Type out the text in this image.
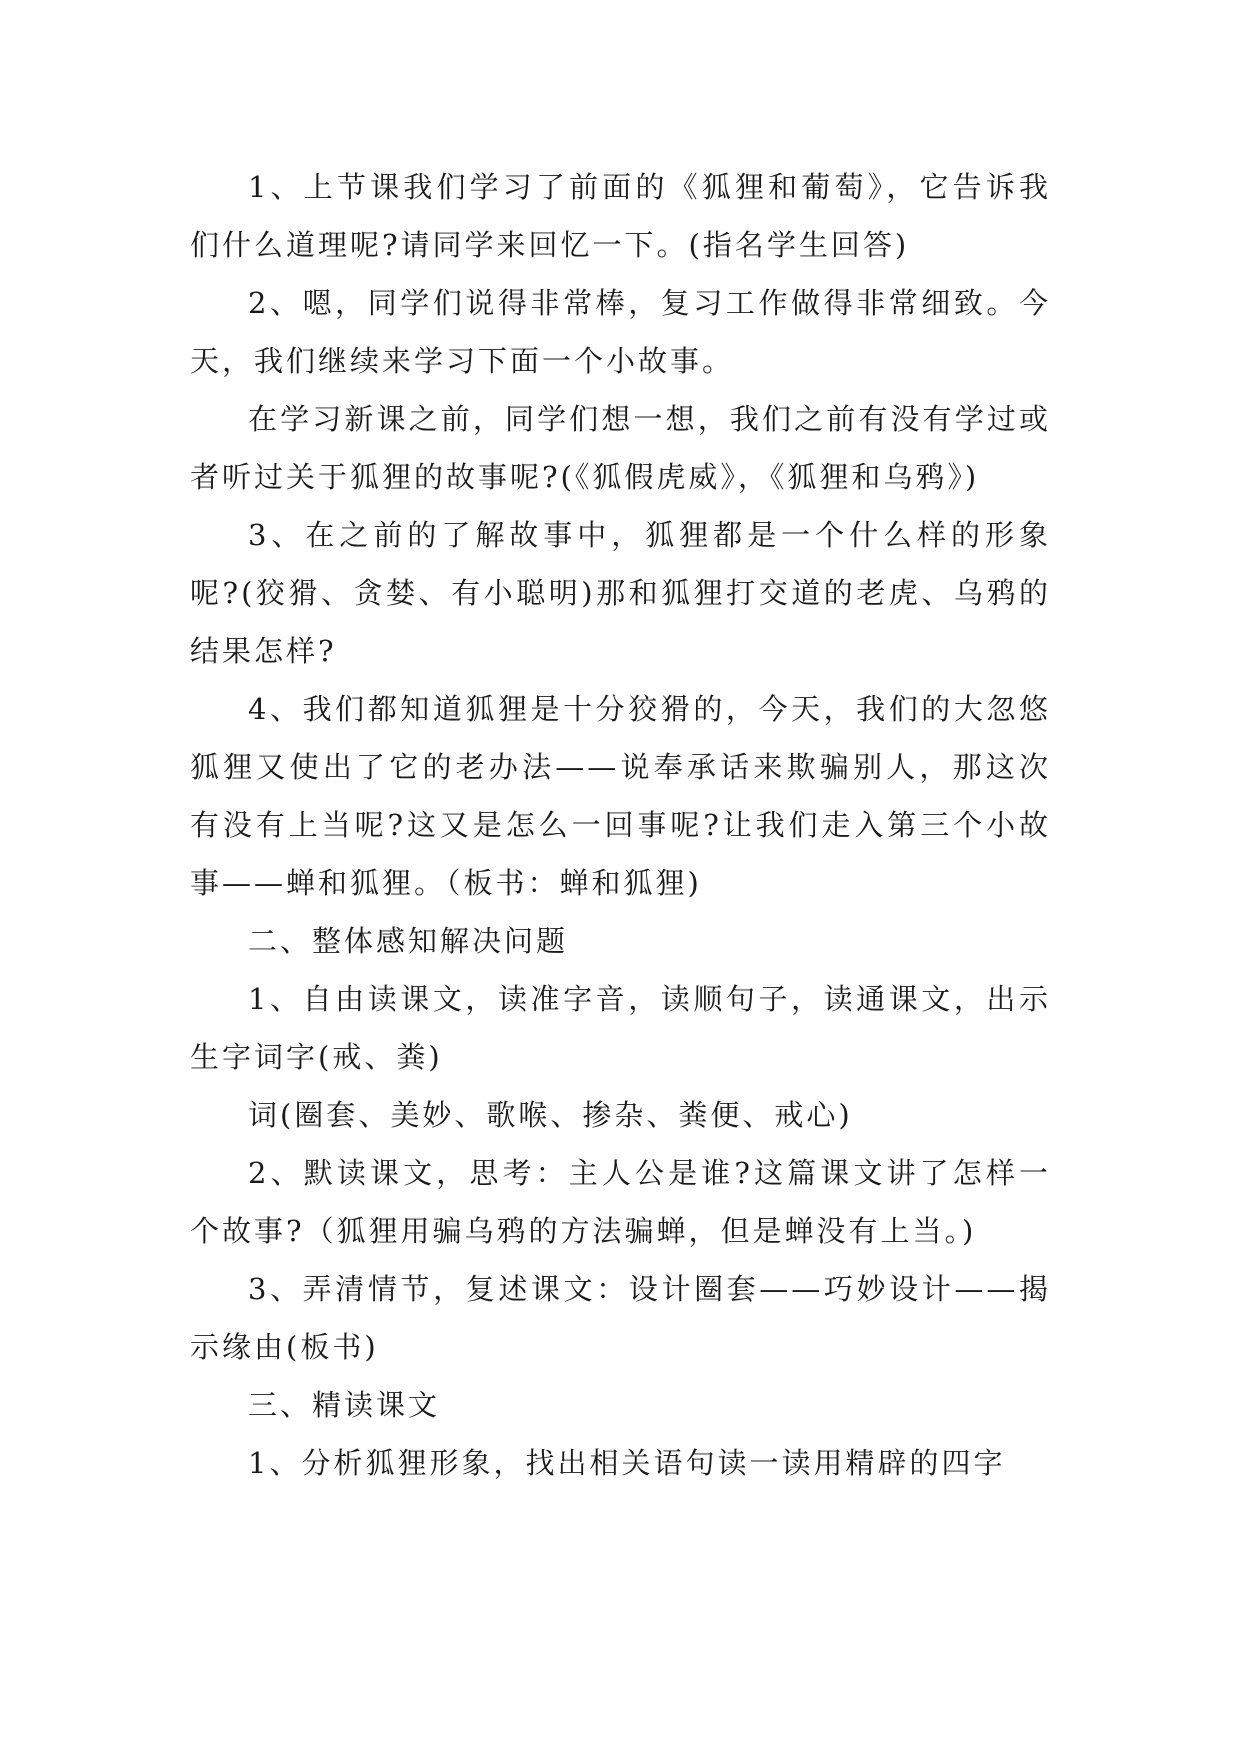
1、上节课我们学习了前面的《狐狸和葡萄》，它告诉我们什么道理呢?请同学来回忆一下。(指名学生回答)

2、嗯，同学们说得非常棒，复习工作做得非常细致。今天，我们继续来学习下面一个小故事。

在学习新课之前，同学们想一想，我们之前有没有学过或者听过关于狐狸的故事呢?(《狐假虎威》，《狐狸和乌鸦》)

3、在之前的了解故事中，狐狸都是一个什么样的形象呢?(狡猾、贪婪、有小聪明)那和狐狸打交道的老虎、乌鸦的结果怎样?

4、我们都知道狐狸是十分狡猾的，今天，我们的大忽悠狐狸又使出了它的老办法——说奉承话来欺骗别人，那这次有没有上当呢?这又是怎么一回事呢?让我们走入第三个小故事——蝉和狐狸。（板书：蝉和狐狸)

二、整体感知解决问题

1、自由读课文，读准字音，读顺句子，读通课文，出示生字词字(戒、粪)

词(圈套、美妙、歌喉、掺杂、粪便、戒心)

2、默读课文，思考：主人公是谁?这篇课文讲了怎样一个故事?（狐狸用骗乌鸦的方法骗蝉，但是蝉没有上当。)

3、弄清情节，复述课文：设计圈套——巧妙设计——揭示缘由(板书)

三、精读课文

1、分析狐狸形象，找出相关语句读一读用精辟的四字
